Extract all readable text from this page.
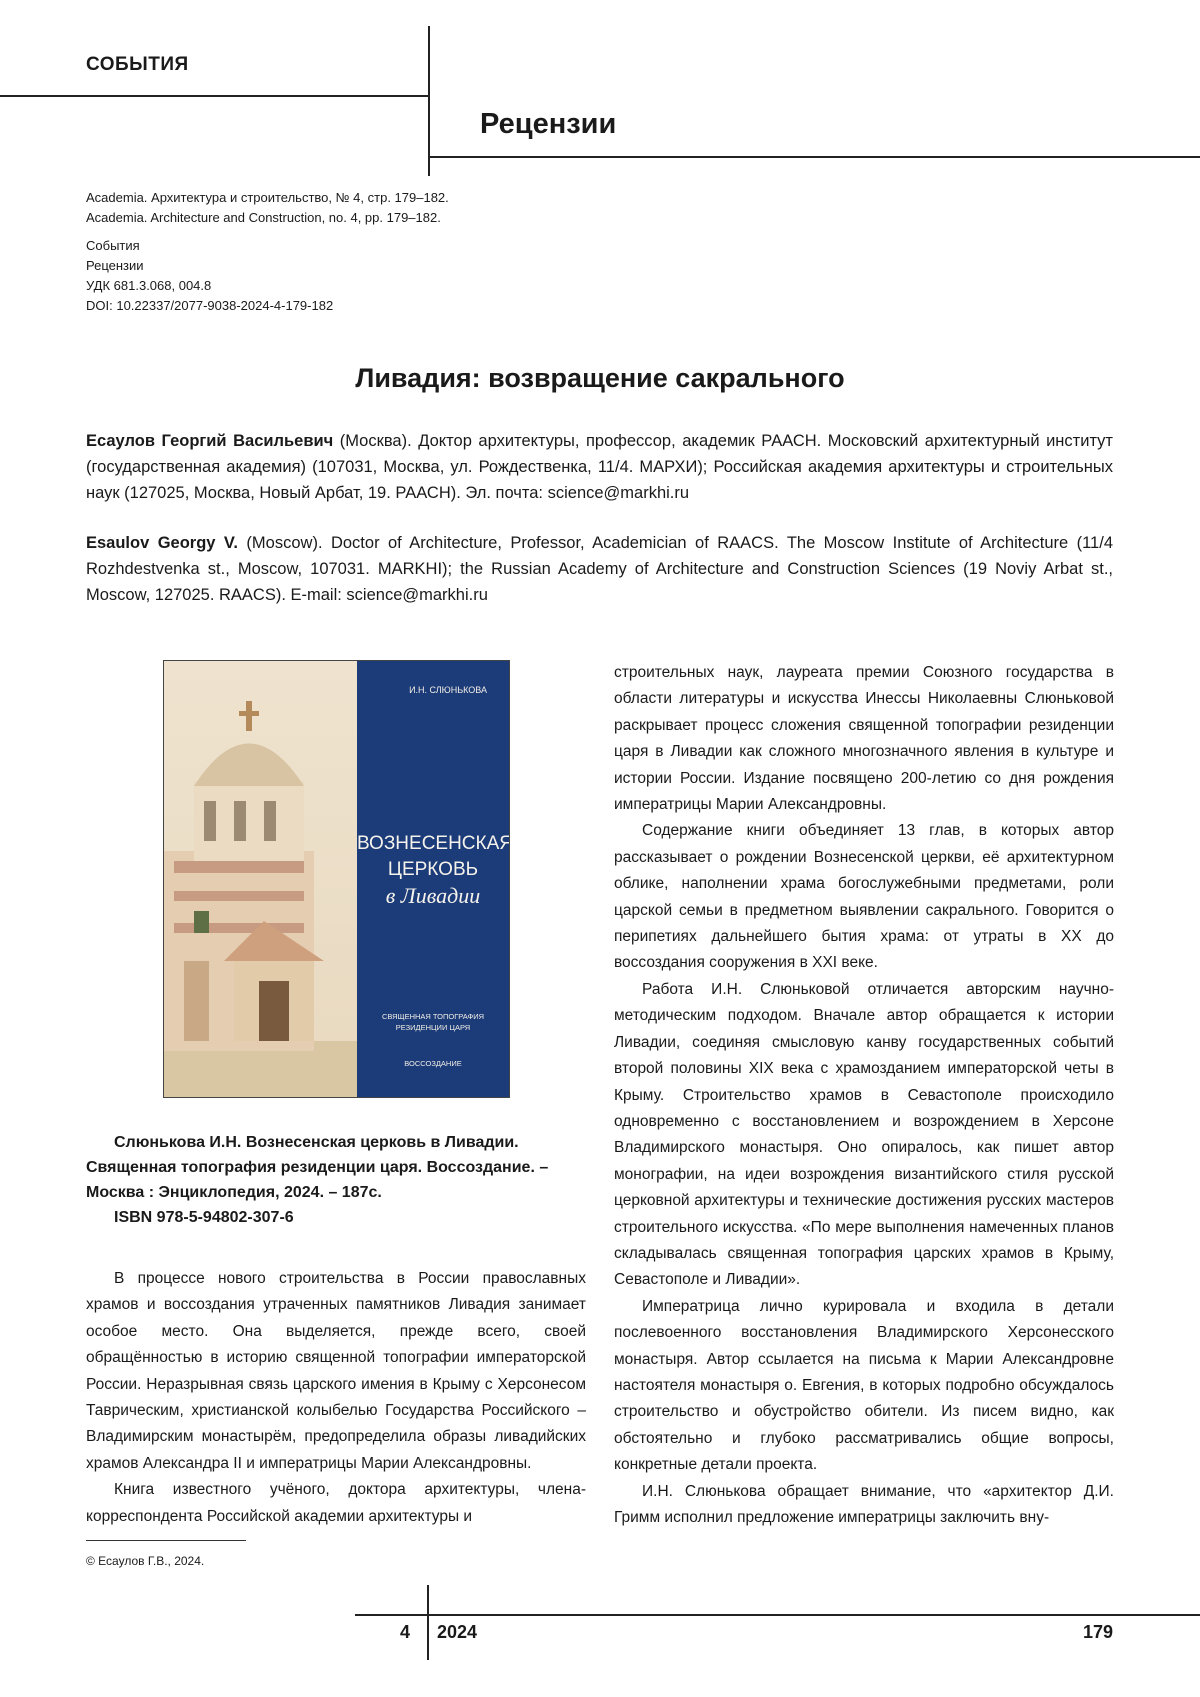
СОБЫТИЯ
Рецензии
Academia. Архитектура и строительство, № 4, стр. 179–182.
Academia. Architecture and Construction, no. 4, pp. 179–182.
События
Рецензии
УДК 681.3.068, 004.8
DOI: 10.22337/2077-9038-2024-4-179-182
Ливадия: возвращение сакрального
Есаулов Георгий Васильевич (Москва). Доктор архитектуры, профессор, академик РААСН. Московский архитектурный институт (государственная академия) (107031, Москва, ул. Рождественка, 11/4. МАРХИ); Российская академия архитектуры и строительных наук (127025, Москва, Новый Арбат, 19. РААСН). Эл. почта: science@markhi.ru
Esaulov Georgy V. (Moscow). Doctor of Architecture, Professor, Academician of RAACS. The Moscow Institute of Architecture (11/4 Rozhdestvenka st., Moscow, 107031. MARKHI); the Russian Academy of Architecture and Construction Sciences (19 Noviy Arbat st., Moscow, 127025. RAACS). E-mail: science@markhi.ru
И.Н. СЛЮНЬКОВА
ВОЗНЕСЕНСКАЯ
ЦЕРКОВЬ
в Ливадии
СВЯЩЕННАЯ ТОПОГРАФИЯ
РЕЗИДЕНЦИИ ЦАРЯ
ВОССОЗДАНИЕ

Слюнькова И.Н. Вознесенская церковь в Ливадии. Священная топография резиденции царя. Воссоздание. – Москва : Энциклопедия, 2024. – 187с.

ISBN 978-5-94802-307-6

В процессе нового строительства в России православных храмов и воссоздания утраченных памятников Ливадия занимает особое место. Она выделяется, прежде всего, своей обращённостью в историю священной топографии императорской России. Неразрывная связь царского имения в Крыму с Херсонесом Таврическим, христианской колыбелью Государства Российского – Владимирским монастырём, предопределила образы ливадийских храмов Александра II и императрицы Марии Александровны.

Книга известного учёного, доктора архитектуры, члена-корреспондента Российской академии архитектуры и

строительных наук, лауреата премии Союзного государства в области литературы и искусства Инессы Николаевны Слюньковой раскрывает процесс сложения священной топографии резиденции царя в Ливадии как сложного многозначного явления в культуре и истории России. Издание посвящено 200-летию со дня рождения императрицы Марии Александровны.

Содержание книги объединяет 13 глав, в которых автор рассказывает о рождении Вознесенской церкви, её архитектурном облике, наполнении храма богослужебными предметами, роли царской семьи в предметном выявлении сакрального. Говорится о перипетиях дальнейшего бытия храма: от утраты в XX до воссоздания сооружения в XXI веке.

Работа И.Н. Слюньковой отличается авторским научно-методическим подходом. Вначале автор обращается к истории Ливадии, соединяя смысловую канву государственных событий второй половины XIX века с храмозданием императорской четы в Крыму. Строительство храмов в Севастополе происходило одновременно с восстановлением и возрождением в Херсоне Владимирского монастыря. Оно опиралось, как пишет автор монографии, на идеи возрождения византийского стиля русской церковной архитектуры и технические достижения русских мастеров строительного искусства. «По мере выполнения намеченных планов складывалась священная топография царских храмов в Крыму, Севастополе и Ливадии».

Императрица лично курировала и входила в детали послевоенного восстановления Владимирского Херсонесского монастыря. Автор ссылается на письма к Марии Александровне настоятеля монастыря о. Евгения, в которых подробно обсуждалось строительство и обустройство обители. Из писем видно, как обстоятельно и глубоко рассматривались общие вопросы, конкретные детали проекта.

И.Н. Слюнькова обращает внимание, что «архитектор Д.И. Гримм исполнил предложение императрицы заключить вну-

© Есаулов Г.В., 2024.
4 2024	179
